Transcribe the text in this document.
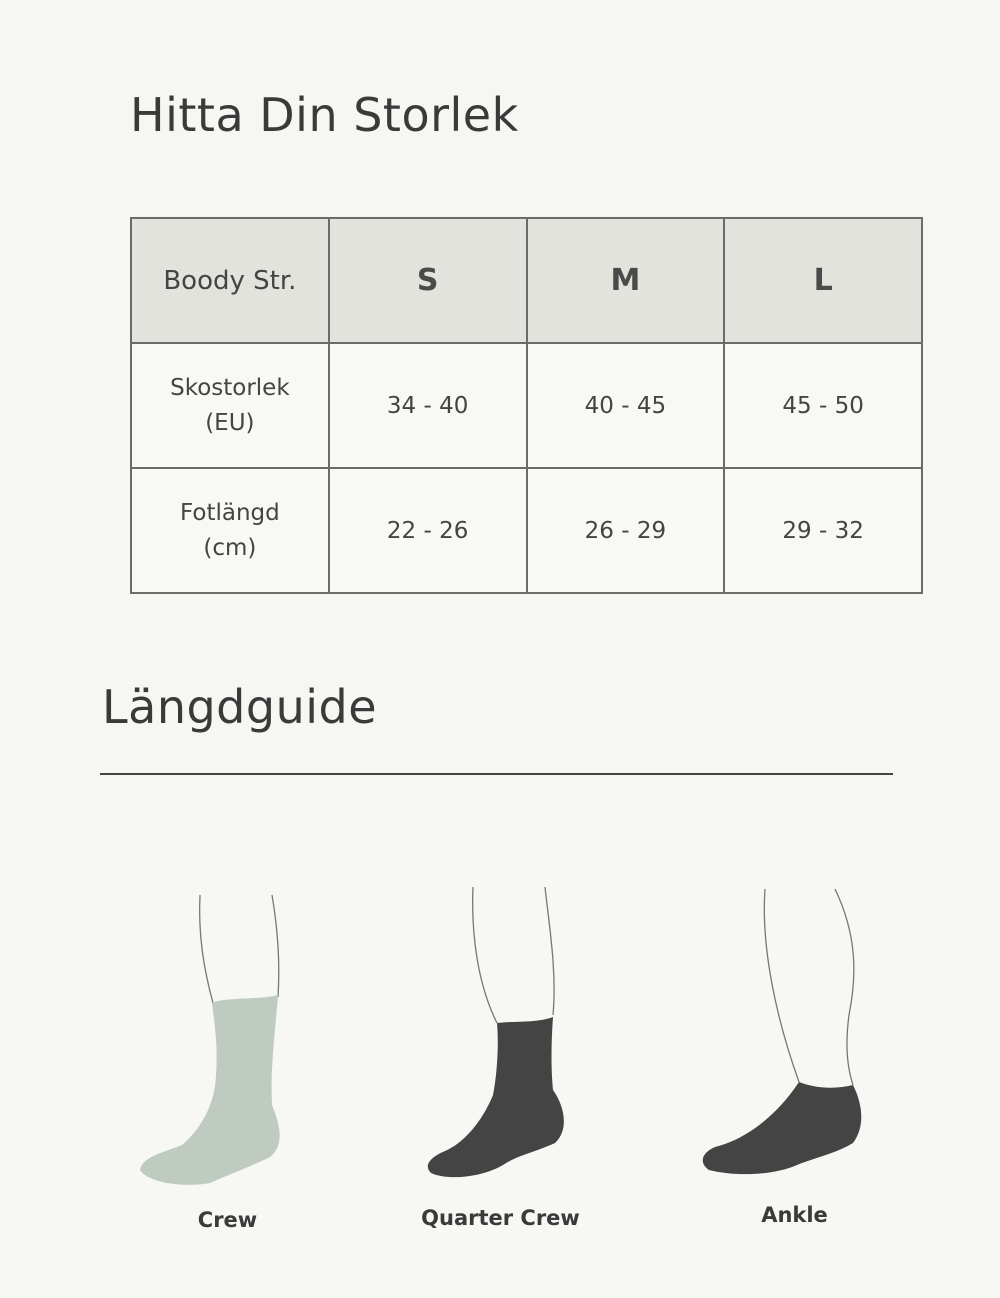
Hitta Din Storlek
Boody Str.	S	M	L

Skostorlek
(EU)	34 - 40	40 - 45	45 - 50

Fotlängd
(cm)	22 - 26	26 - 29	29 - 32
Längdguide
Crew	Quarter Crew	Ankle
